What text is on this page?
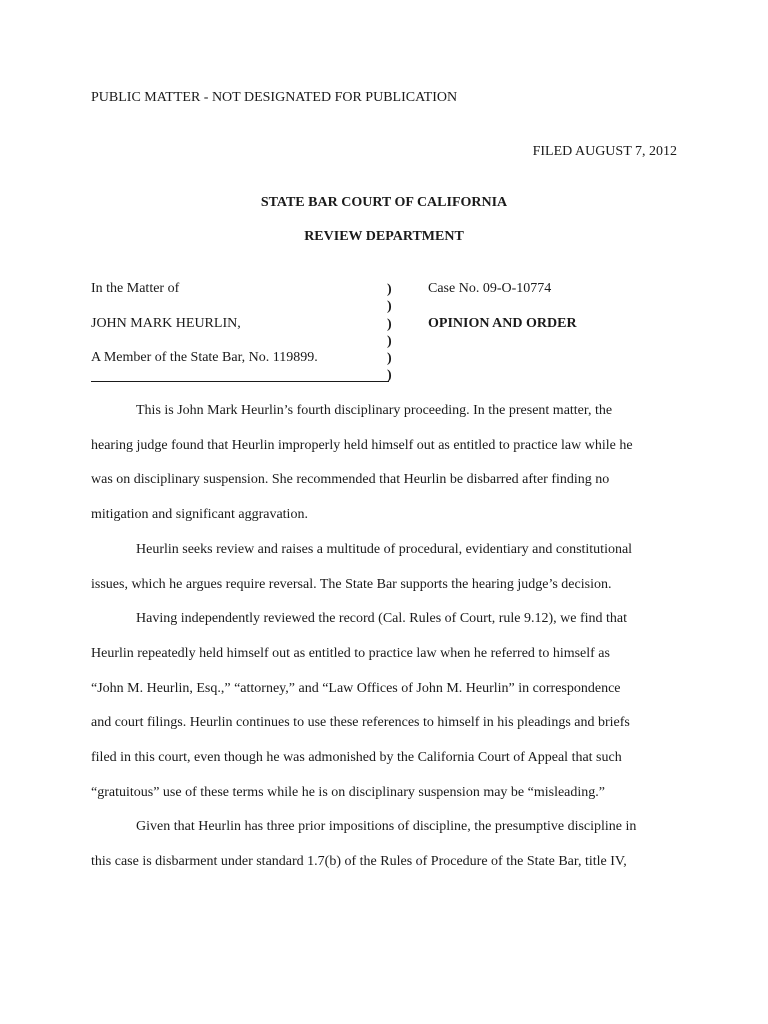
PUBLIC MATTER - NOT DESIGNATED FOR PUBLICATION
FILED AUGUST 7, 2012
STATE BAR COURT OF CALIFORNIA
REVIEW DEPARTMENT
In the Matter of
JOHN MARK HEURLIN,
A Member of the State Bar, No. 119899.
)
)
)
)
)
)
Case No. 09-O-10774
OPINION AND ORDER
This is John Mark Heurlin’s fourth disciplinary proceeding. In the present matter, the
hearing judge found that Heurlin improperly held himself out as entitled to practice law while he
was on disciplinary suspension. She recommended that Heurlin be disbarred after finding no
mitigation and significant aggravation.
Heurlin seeks review and raises a multitude of procedural, evidentiary and constitutional
issues, which he argues require reversal. The State Bar supports the hearing judge’s decision.
Having independently reviewed the record (Cal. Rules of Court, rule 9.12), we find that
Heurlin repeatedly held himself out as entitled to practice law when he referred to himself as
“John M. Heurlin, Esq.,” “attorney,” and “Law Offices of John M. Heurlin” in correspondence
and court filings. Heurlin continues to use these references to himself in his pleadings and briefs
filed in this court, even though he was admonished by the California Court of Appeal that such
“gratuitous” use of these terms while he is on disciplinary suspension may be “misleading.”
Given that Heurlin has three prior impositions of discipline, the presumptive discipline in
this case is disbarment under standard 1.7(b) of the Rules of Procedure of the State Bar, title IV,
